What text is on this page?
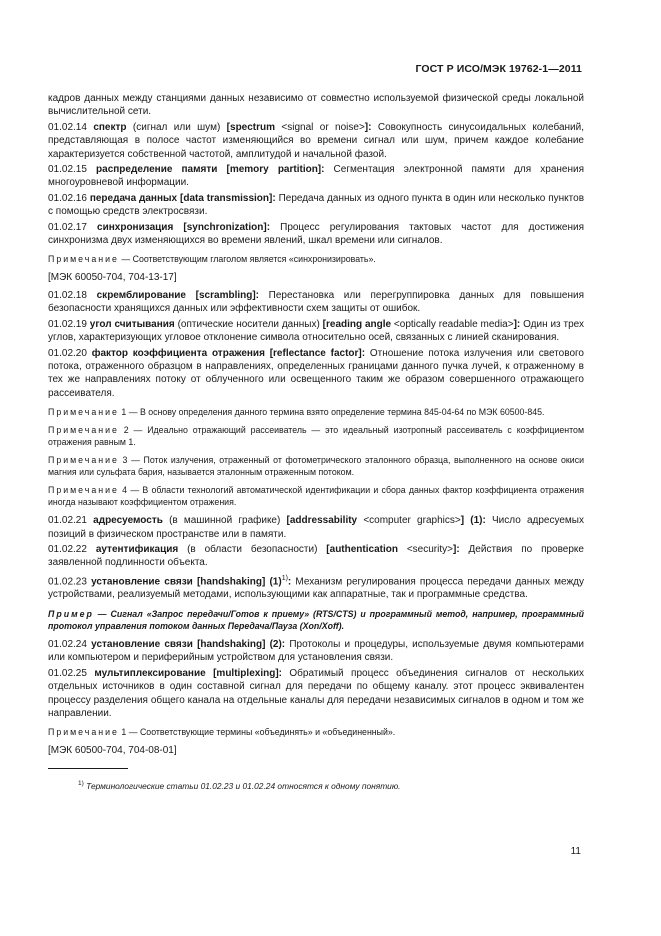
ГОСТ Р ИСО/МЭК 19762-1—2011

кадров данных между станциями данных независимо от совместно используемой физической среды локальной вычислительной сети.

01.02.14 спектр (сигнал или шум) [spectrum <signal or noise>]: Совокупность синусоидальных колебаний, представляющая в полосе частот изменяющийся во времени сигнал или шум, причем каждое колебание характеризуется собственной частотой, амплитудой и начальной фазой.

01.02.15 распределение памяти [memory partition]: Сегментация электронной памяти для хранения многоуровневой информации.

01.02.16 передача данных [data transmission]: Передача данных из одного пункта в один или несколько пунктов с помощью средств электросвязи.

01.02.17 синхронизация [synchronization]: Процесс регулирования тактовых частот для достижения синхронизма двух изменяющихся во времени явлений, шкал времени или сигналов.

Примечание — Соответствующим глаголом является «синхронизировать».

[МЭК 60050-704, 704-13-17]

01.02.18 скремблирование [scrambling]: Перестановка или перегруппировка данных для повышения безопасности хранящихся данных или эффективности схем защиты от ошибок.

01.02.19 угол считывания (оптические носители данных) [reading angle <optically readable media>]: Один из трех углов, характеризующих угловое отклонение символа относительно осей, связанных с линией сканирования.

01.02.20 фактор коэффициента отражения [reflectance factor]: Отношение потока излучения или светового потока, отраженного образцом в направлениях, определенных границами данного пучка лучей, к отраженному в тех же направлениях потоку от облученного или освещенного таким же образом совершенного отражающего рассеивателя.

Примечание 1 — В основу определения данного термина взято определение термина 845-04-64 по МЭК 60500-845.

Примечание 2 — Идеально отражающий рассеиватель — это идеальный изотропный рассеиватель с коэффициентом отражения равным 1.

Примечание 3 — Поток излучения, отраженный от фотометрического эталонного образца, выполненного на основе окиси магния или сульфата бария, называется эталонным отраженным потоком.

Примечание 4 — В области технологий автоматической идентификации и сбора данных фактор коэффициента отражения иногда называют коэффициентом отражения.

01.02.21 адресуемость (в машинной графике) [addressability <computer graphics>] (1): Число адресуемых позиций в физическом пространстве или в памяти.

01.02.22 аутентификация (в области безопасности) [authentication <security>]: Действия по проверке заявленной подлинности объекта.

01.02.23 установление связи [handshaking] $(1)^{1)}$: Механизм регулирования процесса передачи данных между устройствами, реализуемый методами, использующими как аппаратные, так и программные средства.

Пример — Сигнал «Запрос передачи/Готов к приему» (RTS/CTS) и программный метод, например, программный протокол управления потоком данных Передача/Пауза (Xon/Xoff).

01.02.24 установление связи [handshaking] (2): Протоколы и процедуры, используемые двумя компьютерами или компьютером и периферийным устройством для установления связи.

01.02.25 мультиплексирование [multiplexing]: Обратимый процесс объединения сигналов от нескольких отдельных источников в один составной сигнал для передачи по общему каналу. этот процесс эквивалентен процессу разделения общего канала на отдельные каналы для передачи независимых сигналов в одном и том же направлении.

Примечание 1 — Соответствующие термины «объединять» и «объединенный».

[МЭК 60500-704, 704-08-01]

$^{1)}$ Терминологические статьи 01.02.23 и 01.02.24 относятся к одному понятию.

11
